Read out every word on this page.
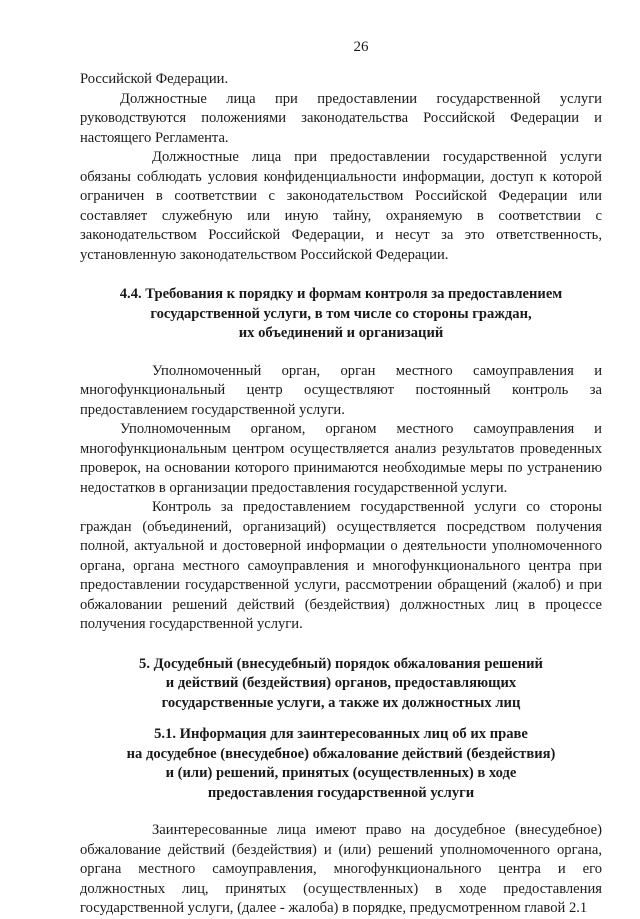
26

Российской Федерации.

Должностные лица при предоставлении государственной услуги руководствуются положениями законодательства Российской Федерации и настоящего Регламента.

Должностные лица при предоставлении государственной услуги обязаны соблюдать условия конфиденциальности информации, доступ к которой ограничен в соответствии с законодательством Российской Федерации или составляет служебную или иную тайну, охраняемую в соответствии с законодательством Российской Федерации, и несут за это ответственность, установленную законодательством Российской Федерации.

4.4. Требования к порядку и формам контроля за предоставлением
государственной услуги, в том числе со стороны граждан,
их объединений и организаций

Уполномоченный орган, орган местного самоуправления и многофункциональный центр осуществляют постоянный контроль за предоставлением государственной услуги.

Уполномоченным органом, органом местного самоуправления и многофункциональным центром осуществляется анализ результатов проведенных проверок, на основании которого принимаются необходимые меры по устранению недостатков в организации предоставления государственной услуги.

Контроль за предоставлением государственной услуги со стороны граждан (объединений, организаций) осуществляется посредством получения полной, актуальной и достоверной информации о деятельности уполномоченного органа, органа местного самоуправления и многофункционального центра при предоставлении государственной услуги, рассмотрении обращений (жалоб) и при обжаловании решений действий (бездействия) должностных лиц в процессе получения государственной услуги.

5. Досудебный (внесудебный) порядок обжалования решений
и действий (бездействия) органов, предоставляющих
государственные услуги, а также их должностных лиц
5.1. Информация для заинтересованных лиц об их праве
на досудебное (внесудебное) обжалование действий (бездействия)
и (или) решений, принятых (осуществленных) в ходе
предоставления государственной услуги

Заинтересованные лица имеют право на досудебное (внесудебное) обжалование действий (бездействия) и (или) решений уполномоченного органа, органа местного самоуправления, многофункционального центра и его должностных лиц, принятых (осуществленных) в ходе предоставления государственной услуги, (далее - жалоба) в порядке, предусмотренном главой 2.1
